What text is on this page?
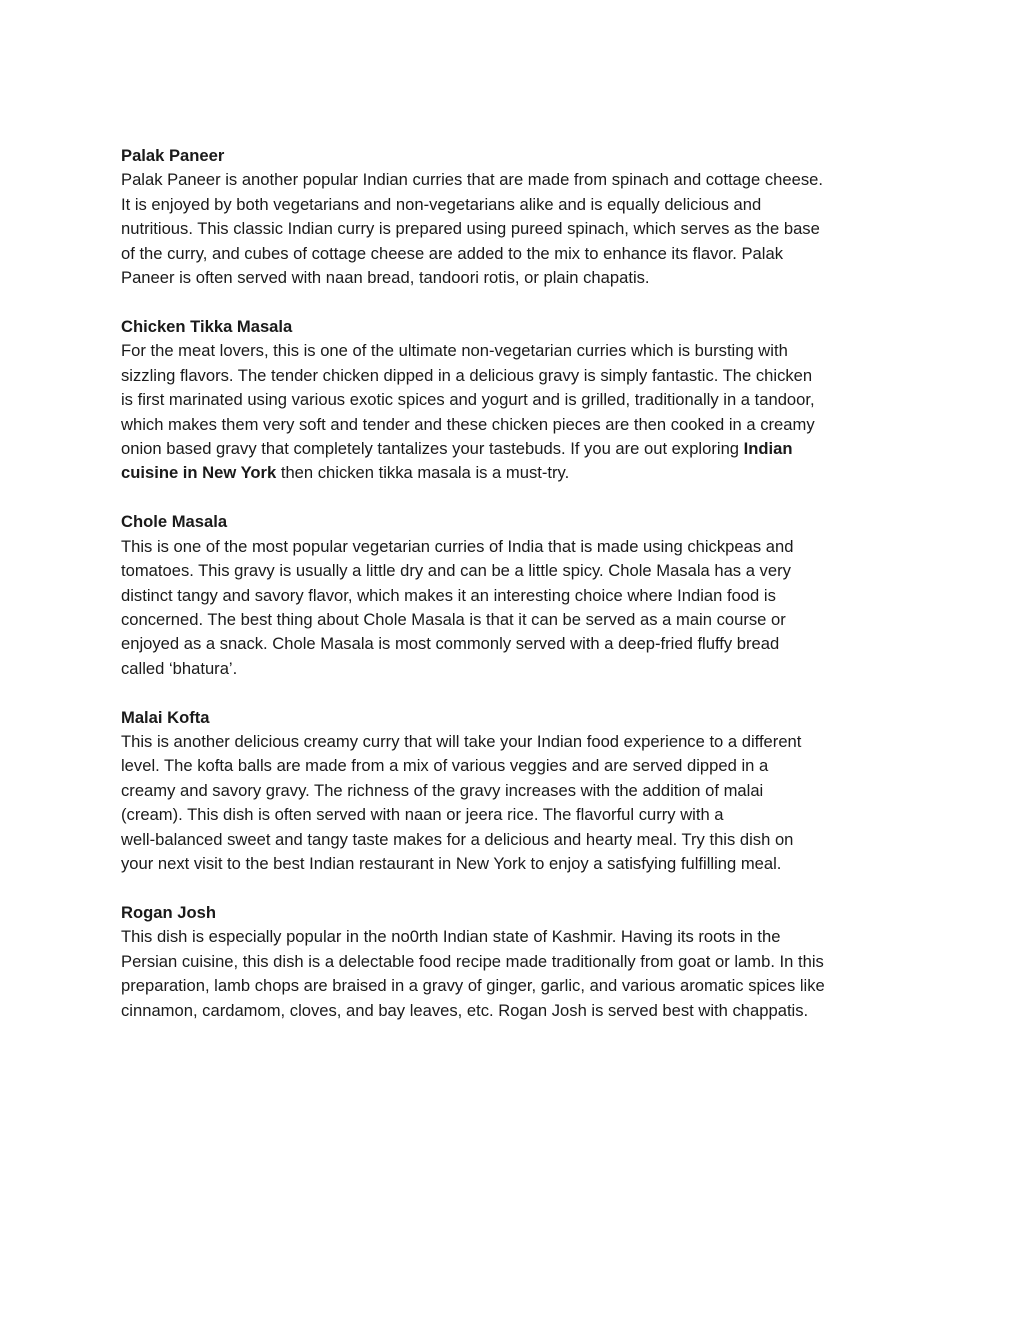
Palak Paneer

Palak Paneer is another popular Indian curries that are made from spinach and cottage cheese.
It is enjoyed by both vegetarians and non-vegetarians alike and is equally delicious and
nutritious. This classic Indian curry is prepared using pureed spinach, which serves as the base
of the curry, and cubes of cottage cheese are added to the mix to enhance its flavor. Palak
Paneer is often served with naan bread, tandoori rotis, or plain chapatis.

Chicken Tikka Masala

For the meat lovers, this is one of the ultimate non-vegetarian curries which is bursting with
sizzling flavors. The tender chicken dipped in a delicious gravy is simply fantastic. The chicken
is first marinated using various exotic spices and yogurt and is grilled, traditionally in a tandoor,
which makes them very soft and tender and these chicken pieces are then cooked in a creamy
onion based gravy that completely tantalizes your tastebuds. If you are out exploring Indian
cuisine in New York then chicken tikka masala is a must-try.

Chole Masala

This is one of the most popular vegetarian curries of India that is made using chickpeas and
tomatoes. This gravy is usually a little dry and can be a little spicy. Chole Masala has a very
distinct tangy and savory flavor, which makes it an interesting choice where Indian food is
concerned. The best thing about Chole Masala is that it can be served as a main course or
enjoyed as a snack. Chole Masala is most commonly served with a deep-fried fluffy bread
called ‘bhatura’.

Malai Kofta

This is another delicious creamy curry that will take your Indian food experience to a different
level. The kofta balls are made from a mix of various veggies and are served dipped in a
creamy and savory gravy. The richness of the gravy increases with the addition of malai
(cream). This dish is often served with naan or jeera rice. The flavorful curry with a
well-balanced sweet and tangy taste makes for a delicious and hearty meal. Try this dish on
your next visit to the best Indian restaurant in New York to enjoy a satisfying fulfilling meal.

Rogan Josh

This dish is especially popular in the no0rth Indian state of Kashmir. Having its roots in the
Persian cuisine, this dish is a delectable food recipe made traditionally from goat or lamb. In this
preparation, lamb chops are braised in a gravy of ginger, garlic, and various aromatic spices like
cinnamon, cardamom, cloves, and bay leaves, etc. Rogan Josh is served best with chappatis.
